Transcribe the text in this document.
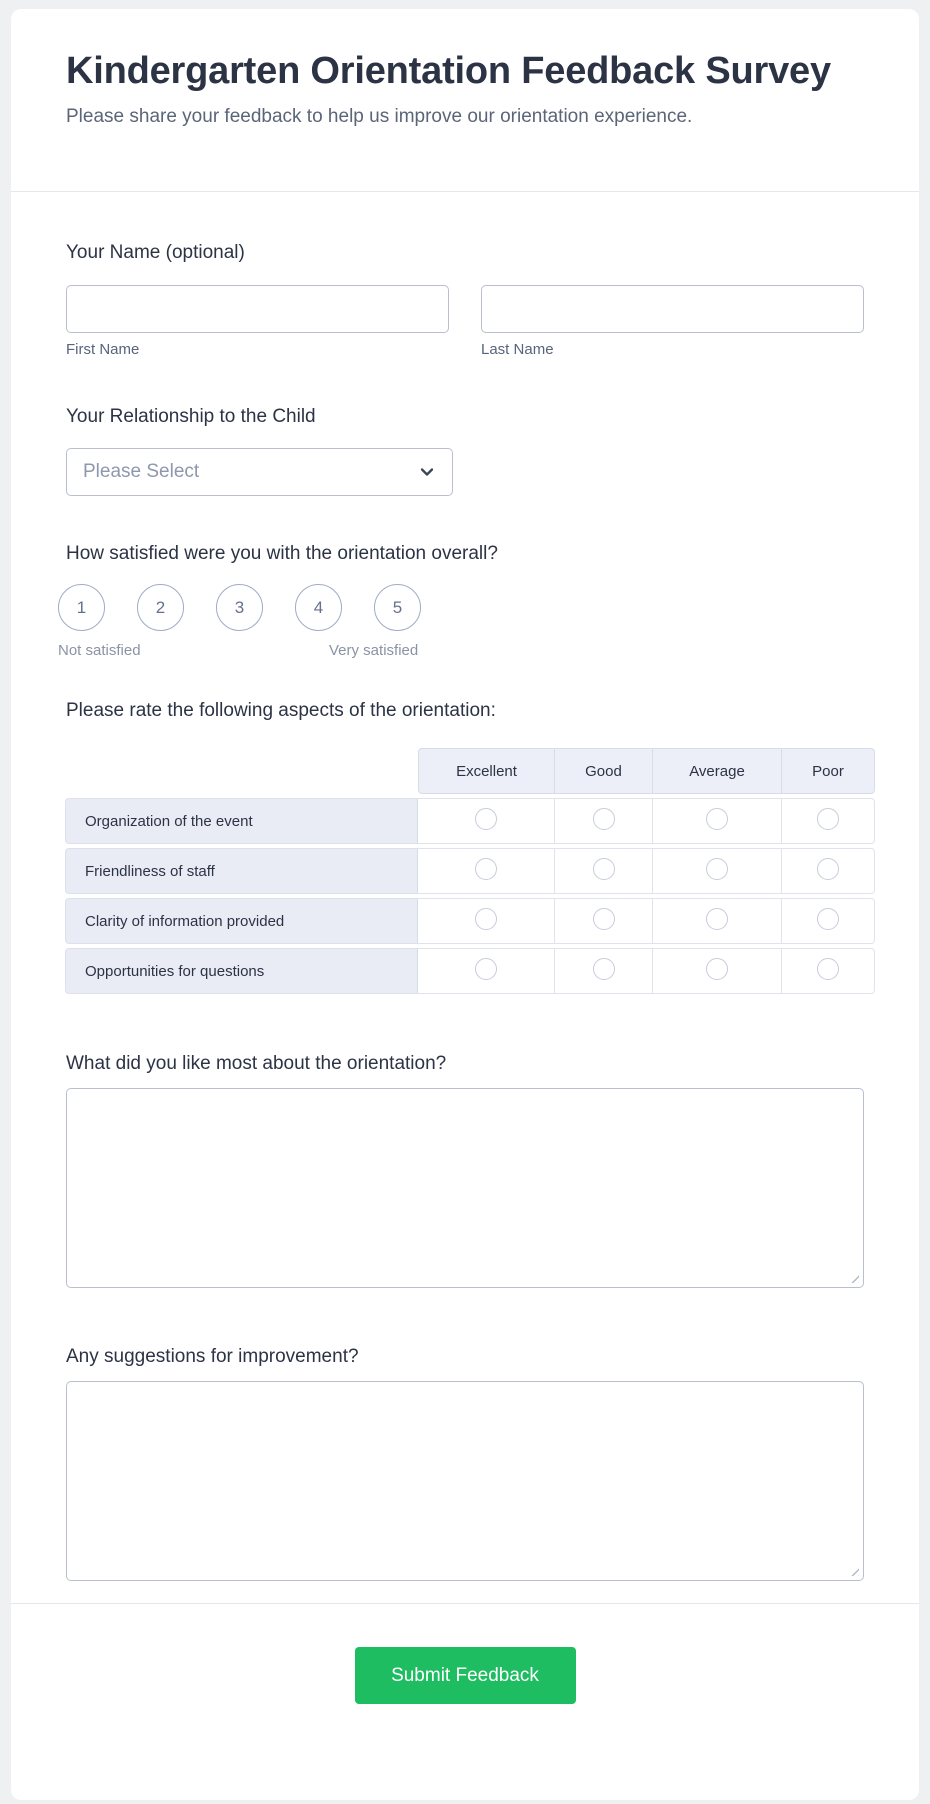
Kindergarten Orientation Feedback Survey

Please share your feedback to help us improve our orientation experience.

Your Name (optional)
First Name	Last Name
Your Relationship to the Child
Please Select
How satisfied were you with the orientation overall?
1	2	3	4	5
Not satisfied	Very satisfied
Please rate the following aspects of the orientation:
	Excellent	Good	Average	Poor
Organization of the event				
Friendliness of staff				
Clarity of information provided				
Opportunities for questions				
What did you like most about the orientation?
Any suggestions for improvement?
Submit Feedback
